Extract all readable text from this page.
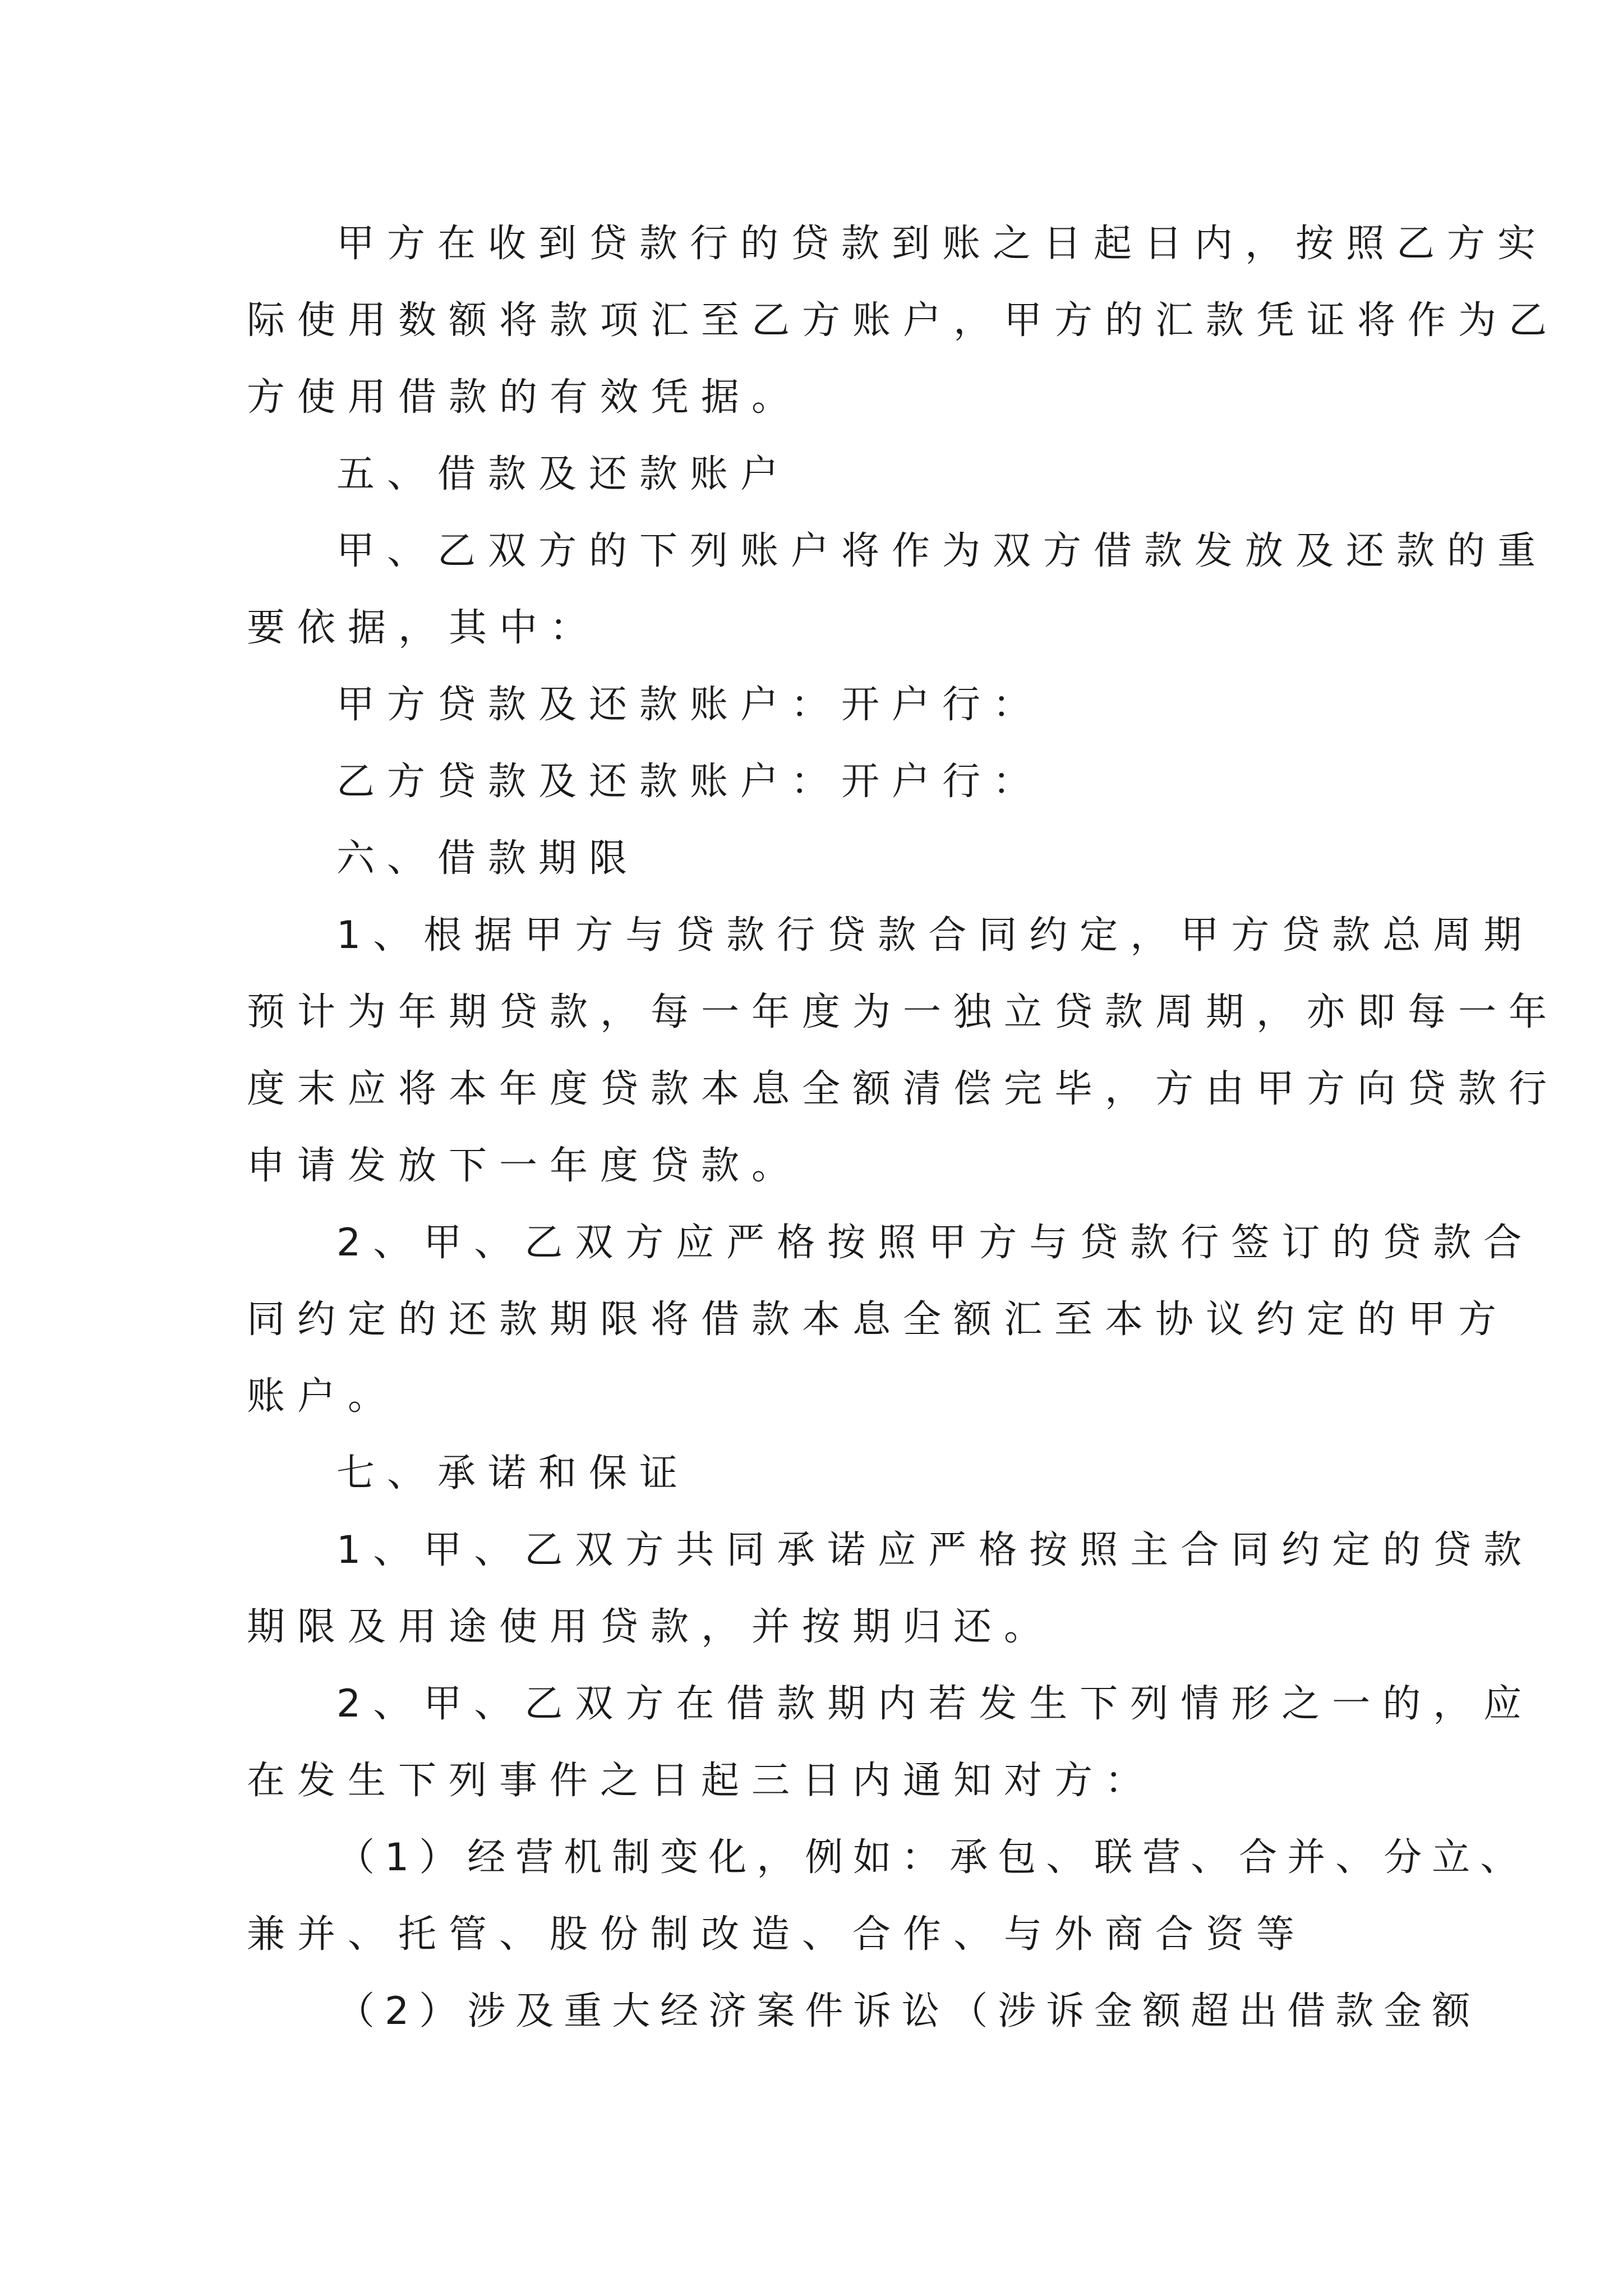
甲方在收到贷款行的贷款到账之日起日内，按照乙方实
际使用数额将款项汇至乙方账户，甲方的汇款凭证将作为乙
方使用借款的有效凭据。
五、借款及还款账户
甲、乙双方的下列账户将作为双方借款发放及还款的重
要依据，其中：
甲方贷款及还款账户：开户行：
乙方贷款及还款账户：开户行：
六、借款期限
1、根据甲方与贷款行贷款合同约定，甲方贷款总周期
预计为年期贷款，每一年度为一独立贷款周期，亦即每一年
度末应将本年度贷款本息全额清偿完毕，方由甲方向贷款行
申请发放下一年度贷款。
2、甲、乙双方应严格按照甲方与贷款行签订的贷款合
同约定的还款期限将借款本息全额汇至本协议约定的甲方
账户。
七、承诺和保证
1、甲、乙双方共同承诺应严格按照主合同约定的贷款
期限及用途使用贷款，并按期归还。
2、甲、乙双方在借款期内若发生下列情形之一的，应
在发生下列事件之日起三日内通知对方：
（1）经营机制变化，例如：承包、联营、合并、分立、
兼并、托管、股份制改造、合作、与外商合资等
（2）涉及重大经济案件诉讼（涉诉金额超出借款金额
